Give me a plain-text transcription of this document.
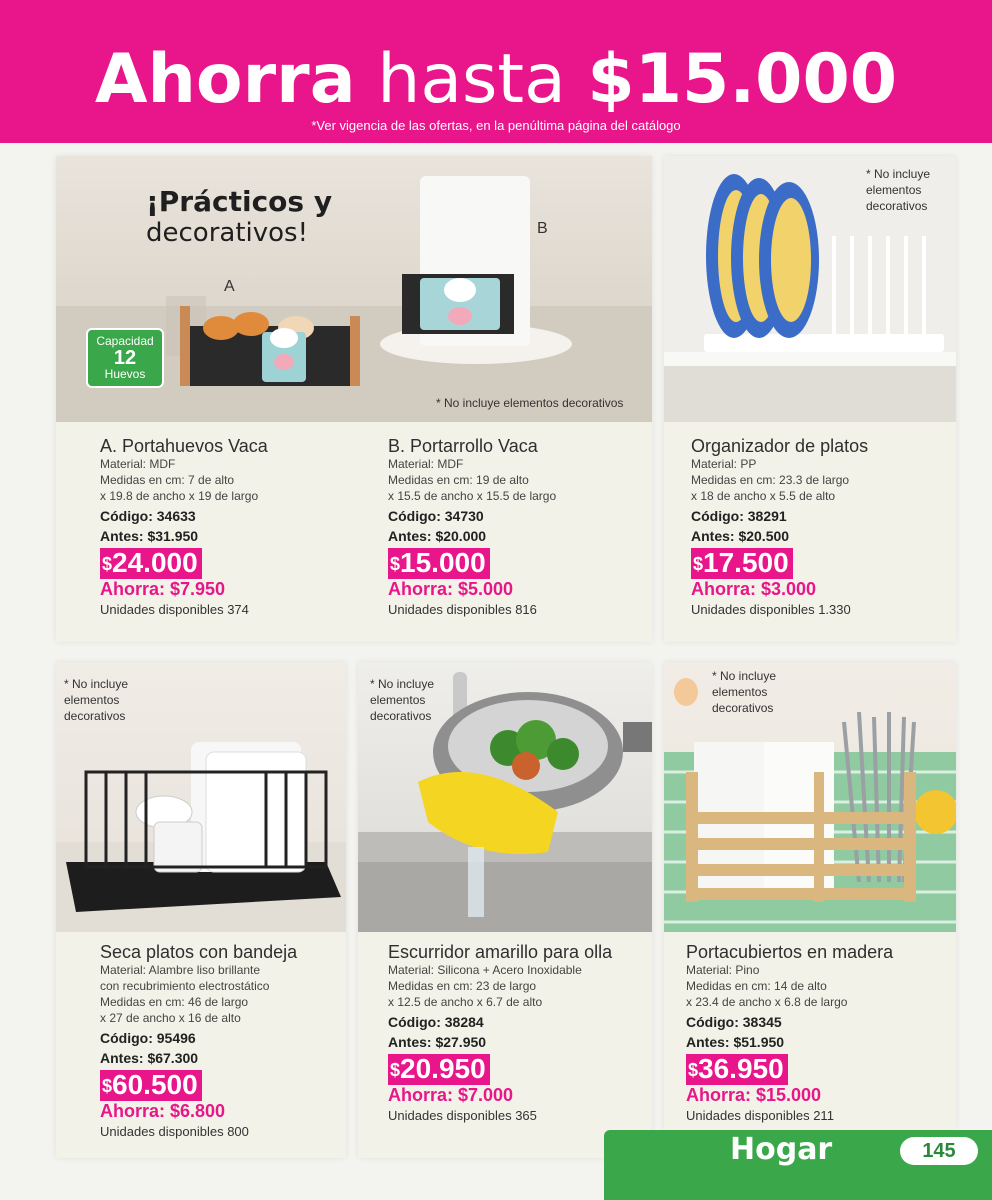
Ahorra hasta $15.000
*Ver vigencia de las ofertas, en la penúltima página del catálogo
¡Prácticos y
decorativos!
A
B
Capacidad
12
Huevos
* No incluye elementos decorativos
A. Portahuevos Vaca
Material: MDF
Medidas en cm: 7 de alto
x 19.8 de ancho x 19 de largo
Código: 34633
Antes: $31.950
$24.000
Ahorra: $7.950
Unidades disponibles 374
B. Portarrollo Vaca
Material: MDF
Medidas en cm: 19 de alto
x 15.5 de ancho x 15.5 de largo
Código: 34730
Antes: $20.000
$15.000
Ahorra: $5.000
Unidades disponibles 816
* No incluye
elementos
decorativos
Organizador de platos
Material: PP
Medidas en cm: 23.3 de largo
x 18 de ancho x 5.5 de alto
Código: 38291
Antes: $20.500
$17.500
Ahorra: $3.000
Unidades disponibles 1.330
* No incluye
elementos
decorativos
Seca platos con bandeja
Material: Alambre liso brillante
con recubrimiento electrostático
Medidas en cm: 46 de largo
x 27 de ancho x 16 de alto
Código: 95496
Antes: $67.300
$60.500
Ahorra: $6.800
Unidades disponibles 800
* No incluye
elementos
decorativos
Escurridor amarillo para olla
Material: Silicona + Acero Inoxidable
Medidas en cm: 23 de largo
x 12.5 de ancho x 6.7 de alto
Código: 38284
Antes: $27.950
$20.950
Ahorra: $7.000
Unidades disponibles 365
* No incluye
elementos
decorativos
Portacubiertos en madera
Material: Pino
Medidas en cm: 14 de alto
x 23.4 de ancho x 6.8 de largo
Código: 38345
Antes: $51.950
$36.950
Ahorra: $15.000
Unidades disponibles 211
Hogar	145
